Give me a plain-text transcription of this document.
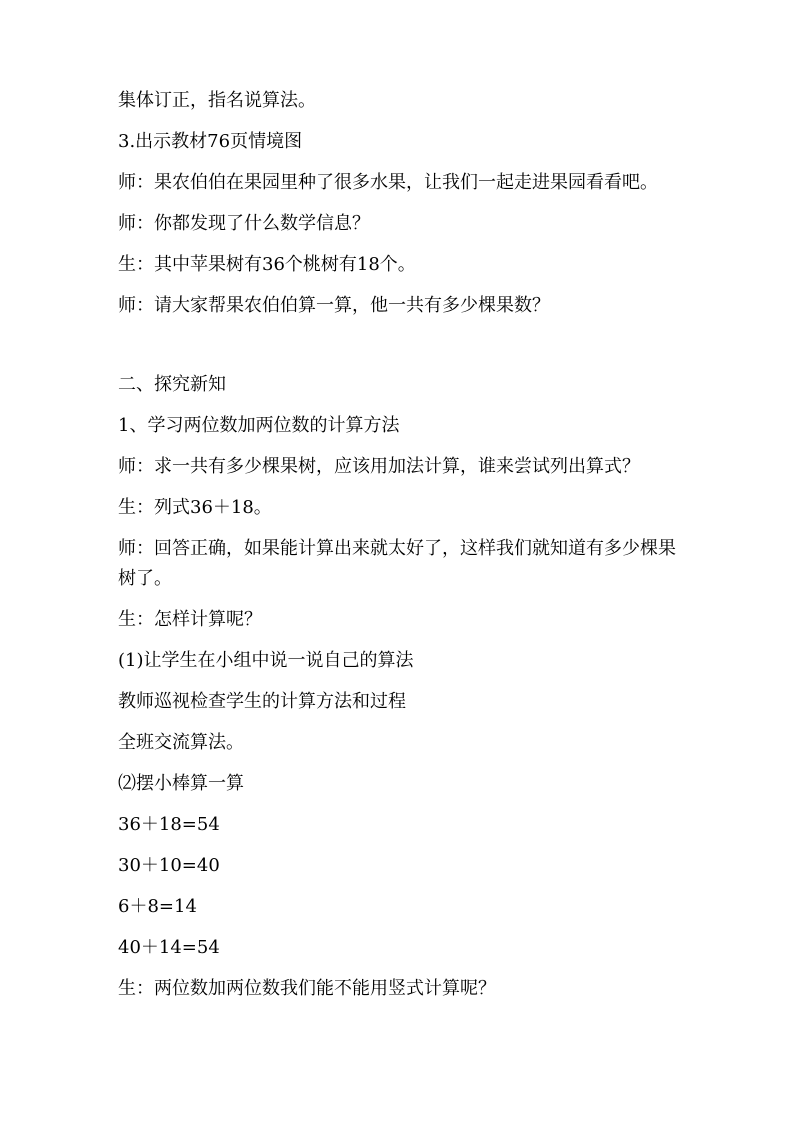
集体订正，指名说算法。

3.出示教材76页情境图

师：果农伯伯在果园里种了很多水果，让我们一起走进果园看看吧。

师：你都发现了什么数学信息？

生：其中苹果树有36个桃树有18个。

师：请大家帮果农伯伯算一算，他一共有多少棵果数？

二、探究新知

1、学习两位数加两位数的计算方法

师：求一共有多少棵果树，应该用加法计算，谁来尝试列出算式？

生：列式36＋18。

师：回答正确，如果能计算出来就太好了，这样我们就知道有多少棵果树了。

生：怎样计算呢？

(1)让学生在小组中说一说自己的算法

教师巡视检查学生的计算方法和过程

全班交流算法。

⑵摆小棒算一算

36＋18=54

30＋10=40

6＋8=14

40＋14=54

生：两位数加两位数我们能不能用竖式计算呢？
